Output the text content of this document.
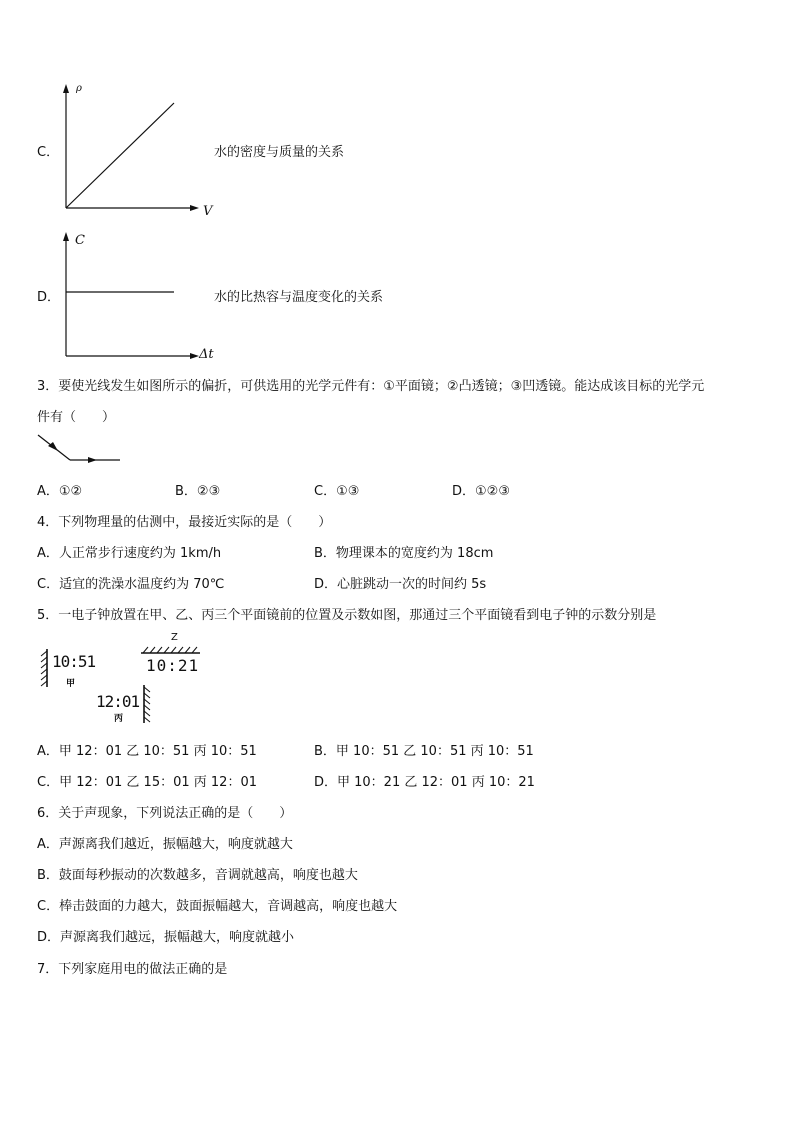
C．
ρ
V
水的密度与质量的关系
D．
C
Δt
水的比热容与温度变化的关系
3．要使光线发生如图所示的偏折，可供选用的光学元件有：①平面镜；②凸透镜；③凹透镜。能达成该目标的光学元
件有（　　）
A．①②	B．②③	C．①③	D．①②③
4．下列物理量的估测中，最接近实际的是（　　）
A．人正常步行速度约为 1km/h	B．物理课本的宽度约为 18cm
C．适宜的洗澡水温度约为 70℃	D．心脏跳动一次的时间约 5s
5．一电子钟放置在甲、乙、丙三个平面镜前的位置及示数如图，那通过三个平面镜看到电子钟的示数分别是
10:51
甲
Z
10:21
12:01
丙
A．甲 12：01 乙 10：51 丙 10：51	B．甲 10：51 乙 10：51 丙 10：51
C．甲 12：01 乙 15：01 丙 12：01	D．甲 10：21 乙 12：01 丙 10：21
6．关于声现象，下列说法正确的是（　　）
A．声源离我们越近，振幅越大，响度就越大
B．鼓面每秒振动的次数越多，音调就越高，响度也越大
C．棒击鼓面的力越大，鼓面振幅越大，音调越高，响度也越大
D．声源离我们越远，振幅越大，响度就越小
7．下列家庭用电的做法正确的是
